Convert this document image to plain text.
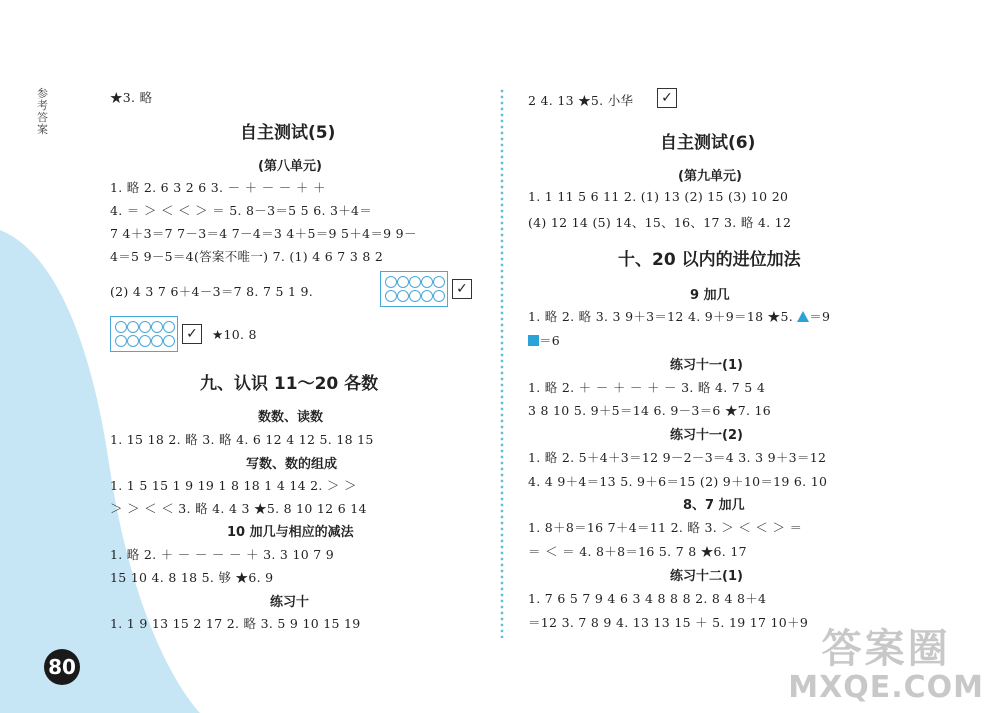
参考答案
80
★3. 略
自主测试(5)
(第八单元)
1. 略 2. 6 3 2 6 3. － ＋ － － ＋ ＋
4. ＝ ＞ ＜ ＜ ＞ ＝ 5. 8－3＝5 5 6. 3＋4＝
7 4＋3＝7 7－3＝4 7－4＝3 4＋5＝9 5＋4＝9 9－
4＝5 9－5＝4(答案不唯一) 7. (1) 4 6 7 3 8 2
(2) 4 3 7 6＋4－3＝7 8. 7 5 1 9.	✓
✓	★10. 8
九、认识 11～20 各数
数数、读数
1. 15 18 2. 略 3. 略 4. 6 12 4 12 5. 18 15
写数、数的组成
1. 1 5 15 1 9 19 1 8 18 1 4 14 2. ＞ ＞
＞ ＞ ＜ ＜ 3. 略 4. 4 3 ★5. 8 10 12 6 14
10 加几与相应的减法
1. 略 2. ＋ － － － － ＋ 3. 3 10 7 9
15 10 4. 8 18 5. 够 ★6. 9
练习十
1. 1 9 13 15 2 17 2. 略 3. 5 9 10 15 19
2 4. 13 ★5. 小华 ✓
自主测试(6)
(第九单元)
1. 1 11 5 6 11 2. (1) 13 (2) 15 (3) 10 20
(4) 12 14 (5) 14、15、16、17 3. 略 4. 12
十、20 以内的进位加法
9 加几
1. 略 2. 略 3. 3 9＋3＝12 4. 9＋9＝18 ★5. ＝9
＝6
练习十一(1)
1. 略 2. ＋ － ＋ － ＋ － 3. 略 4. 7 5 4
3 8 10 5. 9＋5＝14 6. 9－3＝6 ★7. 16
练习十一(2)
1. 略 2. 5＋4＋3＝12 9－2－3＝4 3. 3 9＋3＝12
4. 4 9＋4＝13 5. 9＋6＝15 (2) 9＋10＝19 6. 10
8、7 加几
1. 8＋8＝16 7＋4＝11 2. 略 3. ＞ ＜ ＜ ＞ ＝
＝ ＜ ＝ 4. 8＋8＝16 5. 7 8 ★6. 17
练习十二(1)
1. 7 6 5 7 9 4 6 3 4 8 8 8 2. 8 4 8＋4
＝12 3. 7 8 9 4. 13 13 15 ＋ 5. 19 17 10＋9
答案圈
MXQE.COM
